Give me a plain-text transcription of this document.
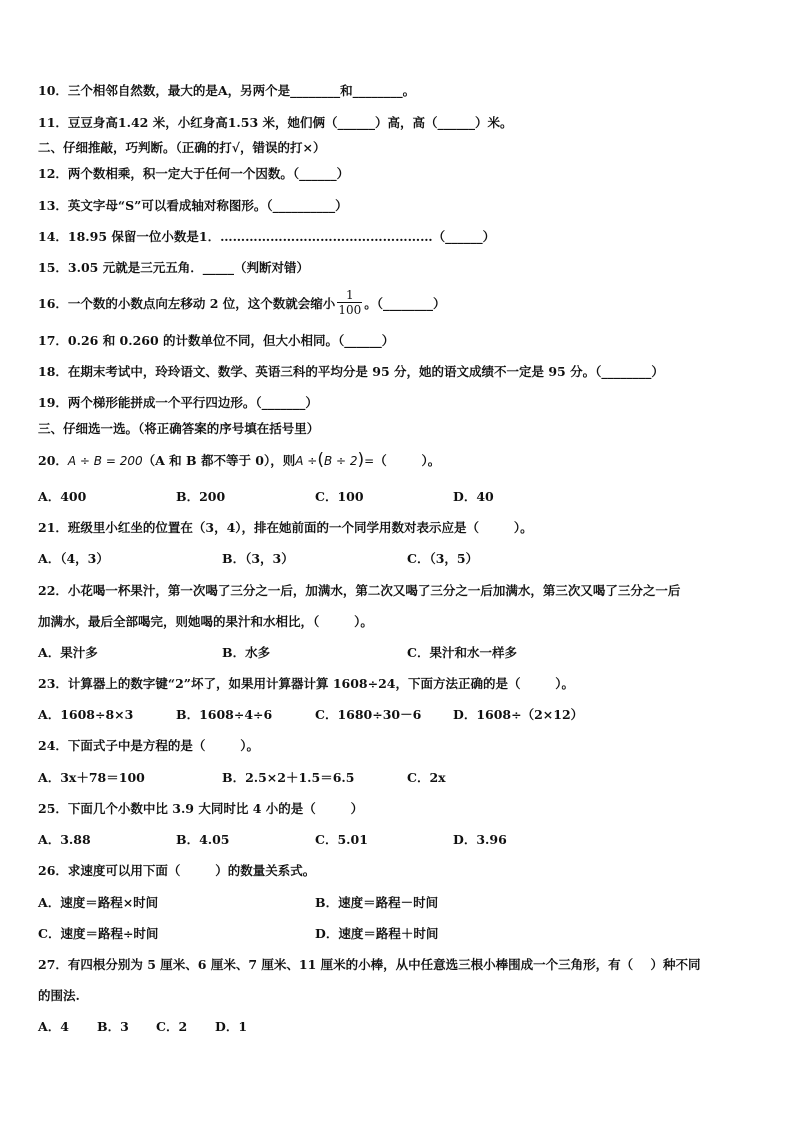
10．三个相邻自然数，最大的是A，另两个是________和________。
11．豆豆身高1.42 米，小红身高1.53 米，她们俩（______）高，高（______）米。
二、仔细推敲，巧判断。（正确的打√，错误的打×）
12．两个数相乘，积一定大于任何一个因数。（______）
13．英文字母“S”可以看成轴对称图形。（__________）
14．18.95 保留一位小数是1．……………………………………………（______）
15．3.05 元就是三元五角．_____（判断对错）
16．一个数的小数点向左移动 2 位，这个数就会缩小 $\frac{1}{100}$ 。（________）
17．0.26 和 0.260 的计数单位不同，但大小相同。（______）
18．在期末考试中，玲玲语文、数学、英语三科的平均分是 95 分，她的语文成绩不一定是 95 分。（________）
19．两个梯形能拼成一个平行四边形。（_______）
三、仔细选一选。（将正确答案的序号填在括号里）
20．A ÷ B = 200（A 和 B 都不等于 0），则A ÷(B ÷ 2)=（        ）。
A．400	B．200	C．100	D．40
21．班级里小红坐的位置在（3，4），排在她前面的一个同学用数对表示应是（        ）。
A．（4，3）	B．（3，3）	C．（3，5）
22．小花喝一杯果汁，第一次喝了三分之一后，加满水，第二次又喝了三分之一后加满水，第三次又喝了三分之一后
加满水，最后全部喝完，则她喝的果汁和水相比，（        ）。
A．果汁多	B．水多	C．果汁和水一样多
23．计算器上的数字键“2”坏了，如果用计算器计算 1608÷24，下面方法正确的是（        ）。
A．1608÷8×3	B．1608÷4÷6	C．1680÷30－6	D．1608÷（2×12）
24．下面式子中是方程的是（        ）。
A．3x＋78＝100	B．2.5×2＋1.5＝6.5	C．2x
25．下面几个小数中比 3.9 大同时比 4 小的是（        ）
A．3.88	B．4.05	C．5.01	D．3.96
26．求速度可以用下面（        ）的数量关系式。
A．速度＝路程×时间	B．速度＝路程－时间
C．速度＝路程÷时间	D．速度＝路程＋时间
27．有四根分别为 5 厘米、6 厘米、7 厘米、11 厘米的小棒，从中任意选三根小棒围成一个三角形，有（    ）种不同
的围法.
A．4 B．3 C．2 D．1
